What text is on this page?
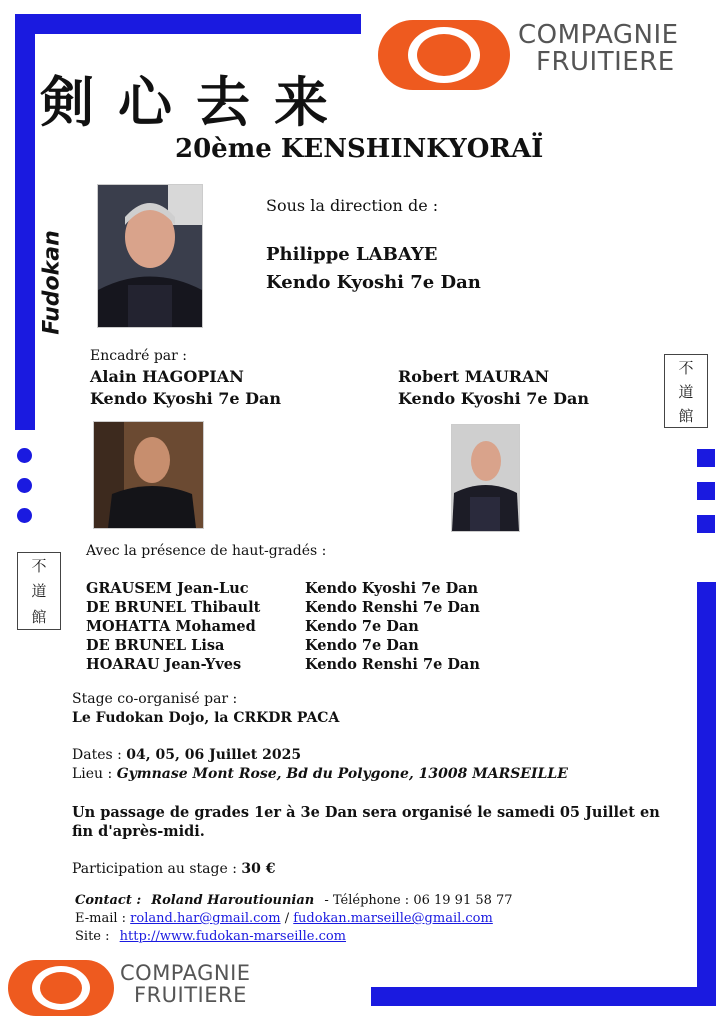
COMPAGNIE
FRUITIERE
剣心去来
20ème KENSHINKYORAÏ
Fudokan
Sous la direction de :
Philippe LABAYE
Kendo Kyoshi 7e Dan
Encadré par :
Alain HAGOPIAN
Kendo Kyoshi 7e Dan
Robert MAURAN
Kendo Kyoshi 7e Dan
不
道
館
不
道
館
Avec la présence de haut-gradés :
GRAUSEM Jean-Luc	Kendo Kyoshi 7e Dan
DE BRUNEL Thibault	Kendo Renshi 7e Dan
MOHATTA Mohamed	Kendo 7e Dan
DE BRUNEL Lisa	Kendo 7e Dan
HOARAU Jean-Yves	Kendo Renshi 7e Dan
Stage co-organisé par :
Le Fudokan Dojo, la CRKDR PACA
Dates : 04, 05, 06 Juillet 2025
Lieu : Gymnase Mont Rose, Bd du Polygone, 13008 MARSEILLE
Un passage de grades 1er à 3e Dan sera organisé le samedi 05 Juillet en fin d'après-midi.
Participation au stage : 30 €
Contact : Roland Haroutiounian - Téléphone : 06 19 91 58 77
E-mail : roland.har@gmail.com / fudokan.marseille@gmail.com
Site : http://www.fudokan-marseille.com
COMPAGNIE
FRUITIERE
